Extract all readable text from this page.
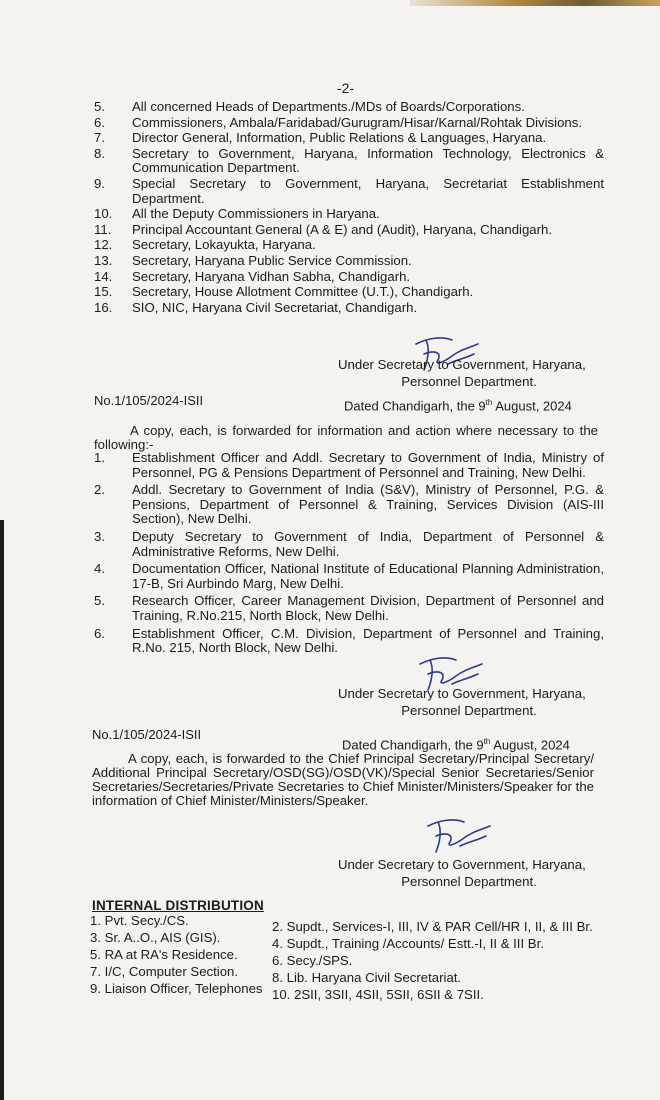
-2-
5.	All concerned Heads of Departments./MDs of Boards/Corporations.
6.	Commissioners, Ambala/Faridabad/Gurugram/Hisar/Karnal/Rohtak Divisions.
7.	Director General, Information, Public Relations & Languages, Haryana.
8.	Secretary to Government, Haryana, Information Technology, Electronics & Communication Department.
9.	Special Secretary to Government, Haryana, Secretariat Establishment Department.
10.	All the Deputy Commissioners in Haryana.
11.	Principal Accountant General (A & E) and (Audit), Haryana, Chandigarh.
12.	Secretary, Lokayukta, Haryana.
13.	Secretary, Haryana Public Service Commission.
14.	Secretary, Haryana Vidhan Sabha, Chandigarh.
15.	Secretary, House Allotment Committee (U.T.), Chandigarh.
16.	SIO, NIC, Haryana Civil Secretariat, Chandigarh.
Under Secretary to Government, Haryana,
Personnel Department.
No.1/105/2024-ISII	Dated Chandigarh, the 9th August, 2024
A copy, each, is forwarded for information and action where necessary to the following:-
1.	Establishment Officer and Addl. Secretary to Government of India, Ministry of Personnel, PG & Pensions Department of Personnel and Training, New Delhi.
2.	Addl. Secretary to Government of India (S&V), Ministry of Personnel, P.G. & Pensions, Department of Personnel & Training, Services Division (AIS-III Section), New Delhi.
3.	Deputy Secretary to Government of India, Department of Personnel & Administrative Reforms, New Delhi.
4.	Documentation Officer, National Institute of Educational Planning Administration, 17-B, Sri Aurbindo Marg, New Delhi.
5.	Research Officer, Career Management Division, Department of Personnel and Training, R.No.215, North Block, New Delhi.
6.	Establishment Officer, C.M. Division, Department of Personnel and Training, R.No. 215, North Block, New Delhi.
Under Secretary to Government, Haryana,
Personnel Department.
No.1/105/2024-ISII
Dated Chandigarh, the 9th August, 2024
A copy, each, is forwarded to the Chief Principal Secretary/Principal Secretary/ Additional Principal Secretary/OSD(SG)/OSD(VK)/Special Senior Secretaries/Senior Secretaries/Secretaries/Private Secretaries to Chief Minister/Ministers/Speaker for the information of Chief Minister/Ministers/Speaker.
Under Secretary to Government, Haryana,
Personnel Department.
INTERNAL DISTRIBUTION
1. Pvt. Secy./CS.
3. Sr. A..O., AIS (GIS).
5. RA at RA's Residence.
7. I/C, Computer Section.
9. Liaison Officer, Telephones
2. Supdt., Services-I, III, IV & PAR Cell/HR I, II, & III Br.
4. Supdt., Training /Accounts/ Estt.-I, II & III Br.
6. Secy./SPS.
8. Lib. Haryana Civil Secretariat.
10. 2SII, 3SII, 4SII, 5SII, 6SII & 7SII.
